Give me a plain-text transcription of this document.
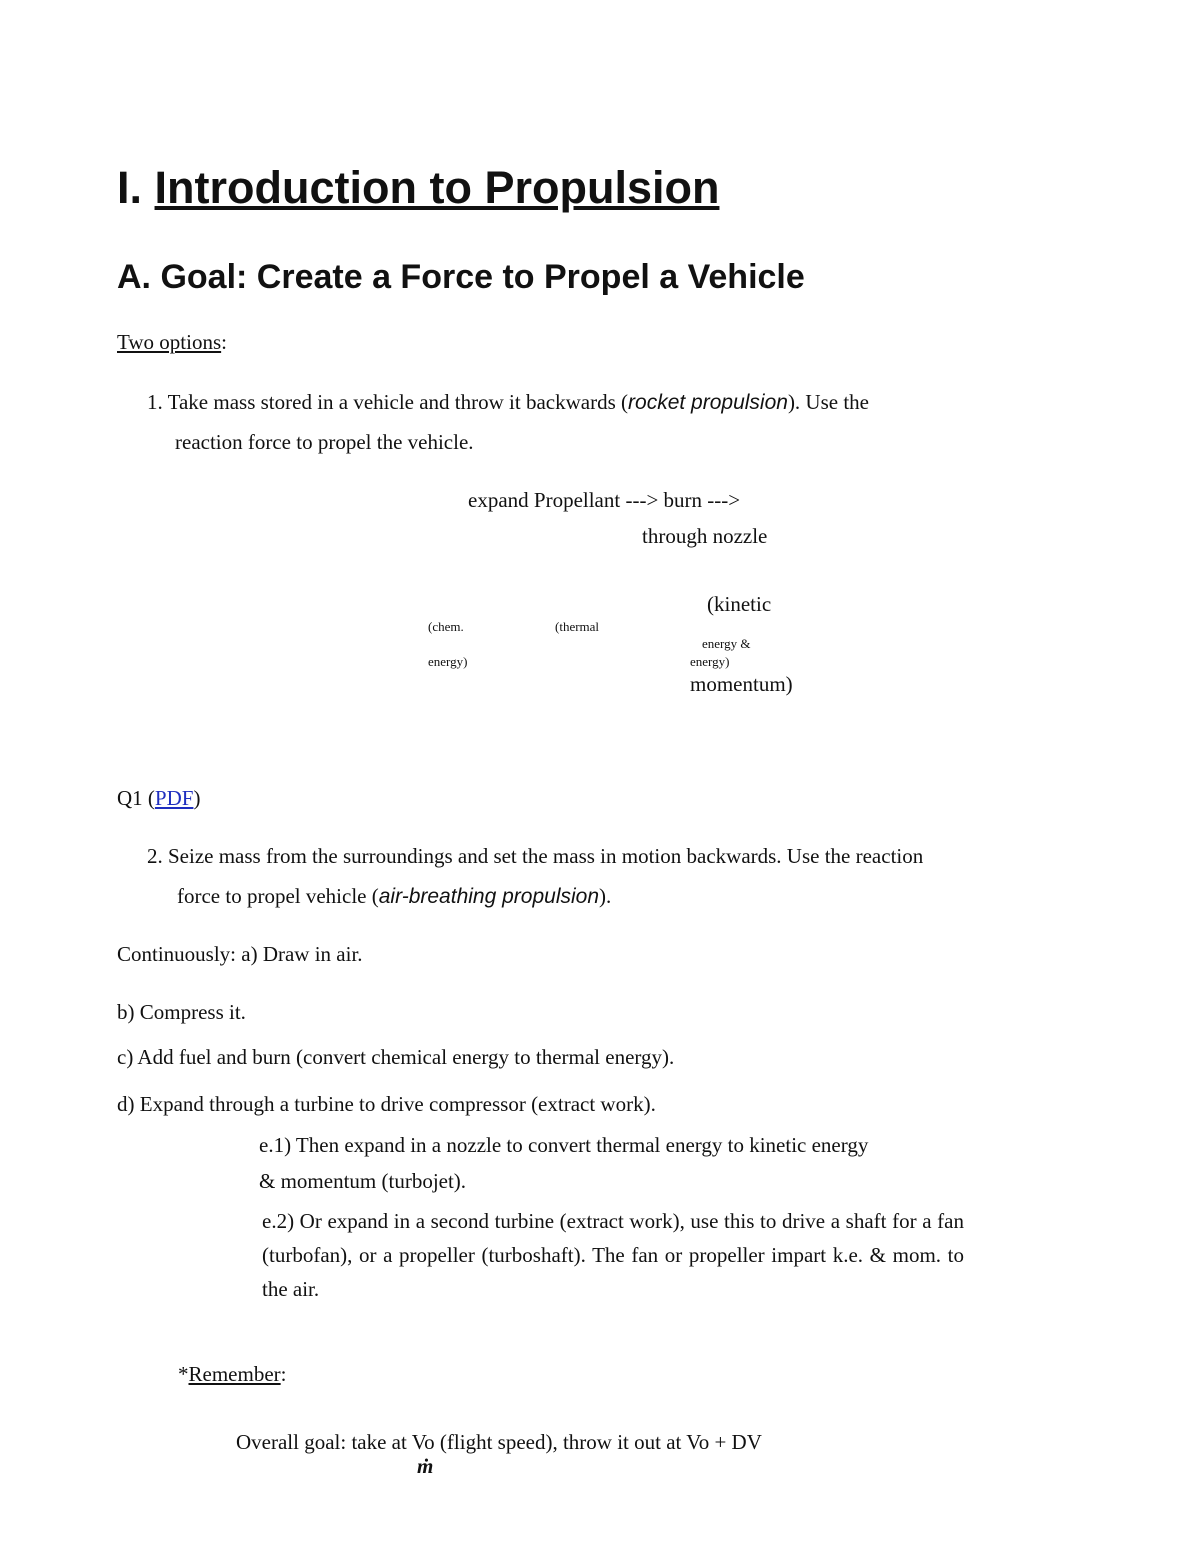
I. Introduction to Propulsion
A. Goal: Create a Force to Propel a Vehicle
Two options:
1. Take mass stored in a vehicle and throw it backwards (rocket propulsion). Use the
reaction force to propel the vehicle.
expand Propellant ---> burn --->
through nozzle
(kinetic
(chem.	(thermal
energy &
energy)	energy)
momentum)
Q1 (PDF)
2. Seize mass from the surroundings and set the mass in motion backwards. Use the reaction
force to propel vehicle (air-breathing propulsion).
Continuously: a) Draw in air.
b) Compress it.
c) Add fuel and burn (convert chemical energy to thermal energy).
d) Expand through a turbine to drive compressor (extract work).
e.1) Then expand in a nozzle to convert thermal energy to kinetic energy
& momentum (turbojet).
e.2) Or expand in a second turbine (extract work), use this to drive a shaft for a fan (turbofan), or a propeller (turboshaft). The fan or propeller impart k.e. & mom. to the air.
*Remember:
Overall goal: take at Vo (flight speed), throw it out at Vo + DV
ṁ
